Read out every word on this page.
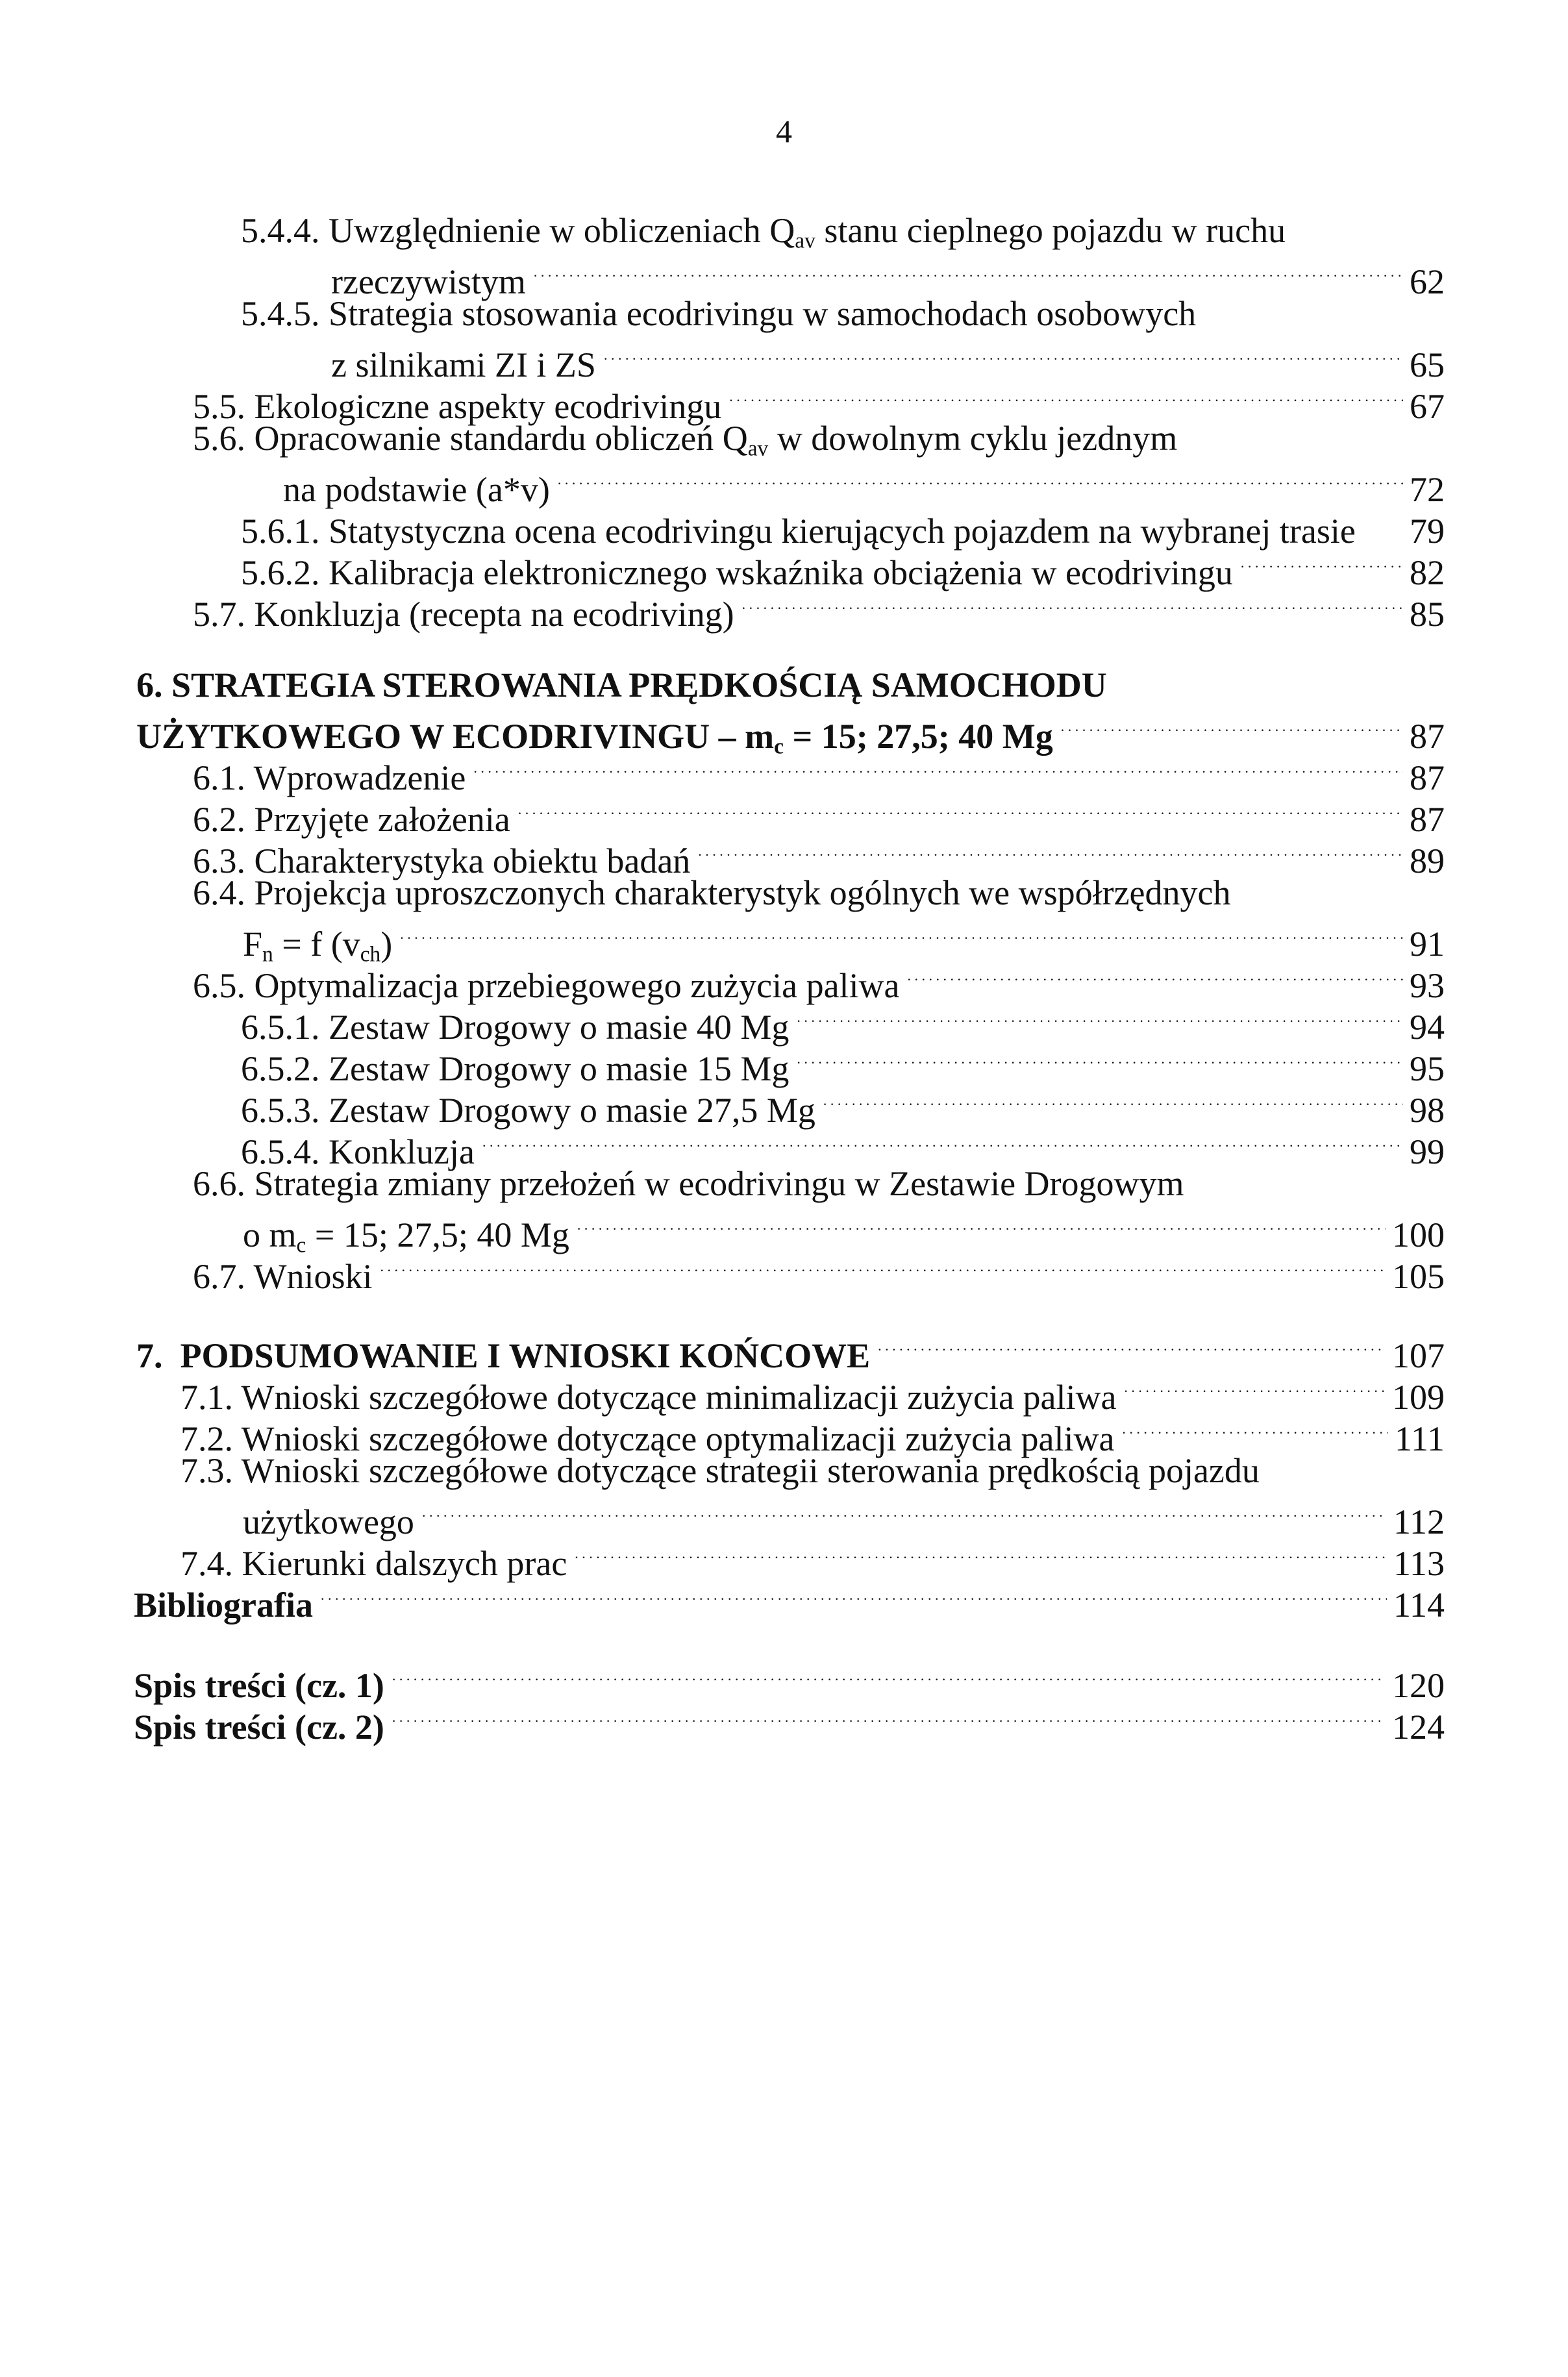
4
5.4.4. Uwzględnienie w obliczeniach $Q_{av}$ stanu cieplnego pojazdu w ruchu
rzeczywistym . . .	62
5.4.5. Strategia stosowania ecodrivingu w samochodach osobowych
z silnikami ZI i ZS . . .	65
5.5. Ekologiczne aspekty ecodrivingu . . .	67
5.6. Opracowanie standardu obliczeń $Q_{av}$ w dowolnym cyklu jezdnym
na podstawie (a*v) . . .	72
5.6.1. Statystyczna ocena ecodrivingu kierujących pojazdem na wybranej trasie 79
5.6.2. Kalibracja elektronicznego wskaźnika obciążenia w ecodrivingu . . .	82
5.7. Konkluzja (recepta na ecodriving) . . .	85
6. STRATEGIA STEROWANIA PRĘDKOŚCIĄ SAMOCHODU
UŻYTKOWEGO W ECODRIVINGU – $m_c = 15$; 27,5; 40 Mg . . .	87
6.1. Wprowadzenie . . .	87
6.2. Przyjęte założenia . . .	87
6.3. Charakterystyka obiektu badań . . .	89
6.4. Projekcja uproszczonych charakterystyk ogólnych we współrzędnych
$F_n = f$ $(v_{ch})$ . . .	91
6.5. Optymalizacja przebiegowego zużycia paliwa . . .	93
6.5.1. Zestaw Drogowy o masie 40 Mg . . .	94
6.5.2. Zestaw Drogowy o masie 15 Mg . . .	95
6.5.3. Zestaw Drogowy o masie 27,5 Mg . . .	98
6.5.4. Konkluzja . . .	99
6.6. Strategia zmiany przełożeń w ecodrivingu w Zestawie Drogowym
o $m_c = 15$; 27,5; 40 Mg . . .	100
6.7. Wnioski . . .	105
7. PODSUMOWANIE I WNIOSKI KOŃCOWE . . .	107
7.1. Wnioski szczegółowe dotyczące minimalizacji zużycia paliwa . . .	109
7.2. Wnioski szczegółowe dotyczące optymalizacji zużycia paliwa . . .	111
7.3. Wnioski szczegółowe dotyczące strategii sterowania prędkością pojazdu
użytkowego . . .	112
7.4. Kierunki dalszych prac . . .	113
Bibliografia . . .	114
Spis treści (cz. 1) . . .	120
Spis treści (cz. 2) . . .	124
